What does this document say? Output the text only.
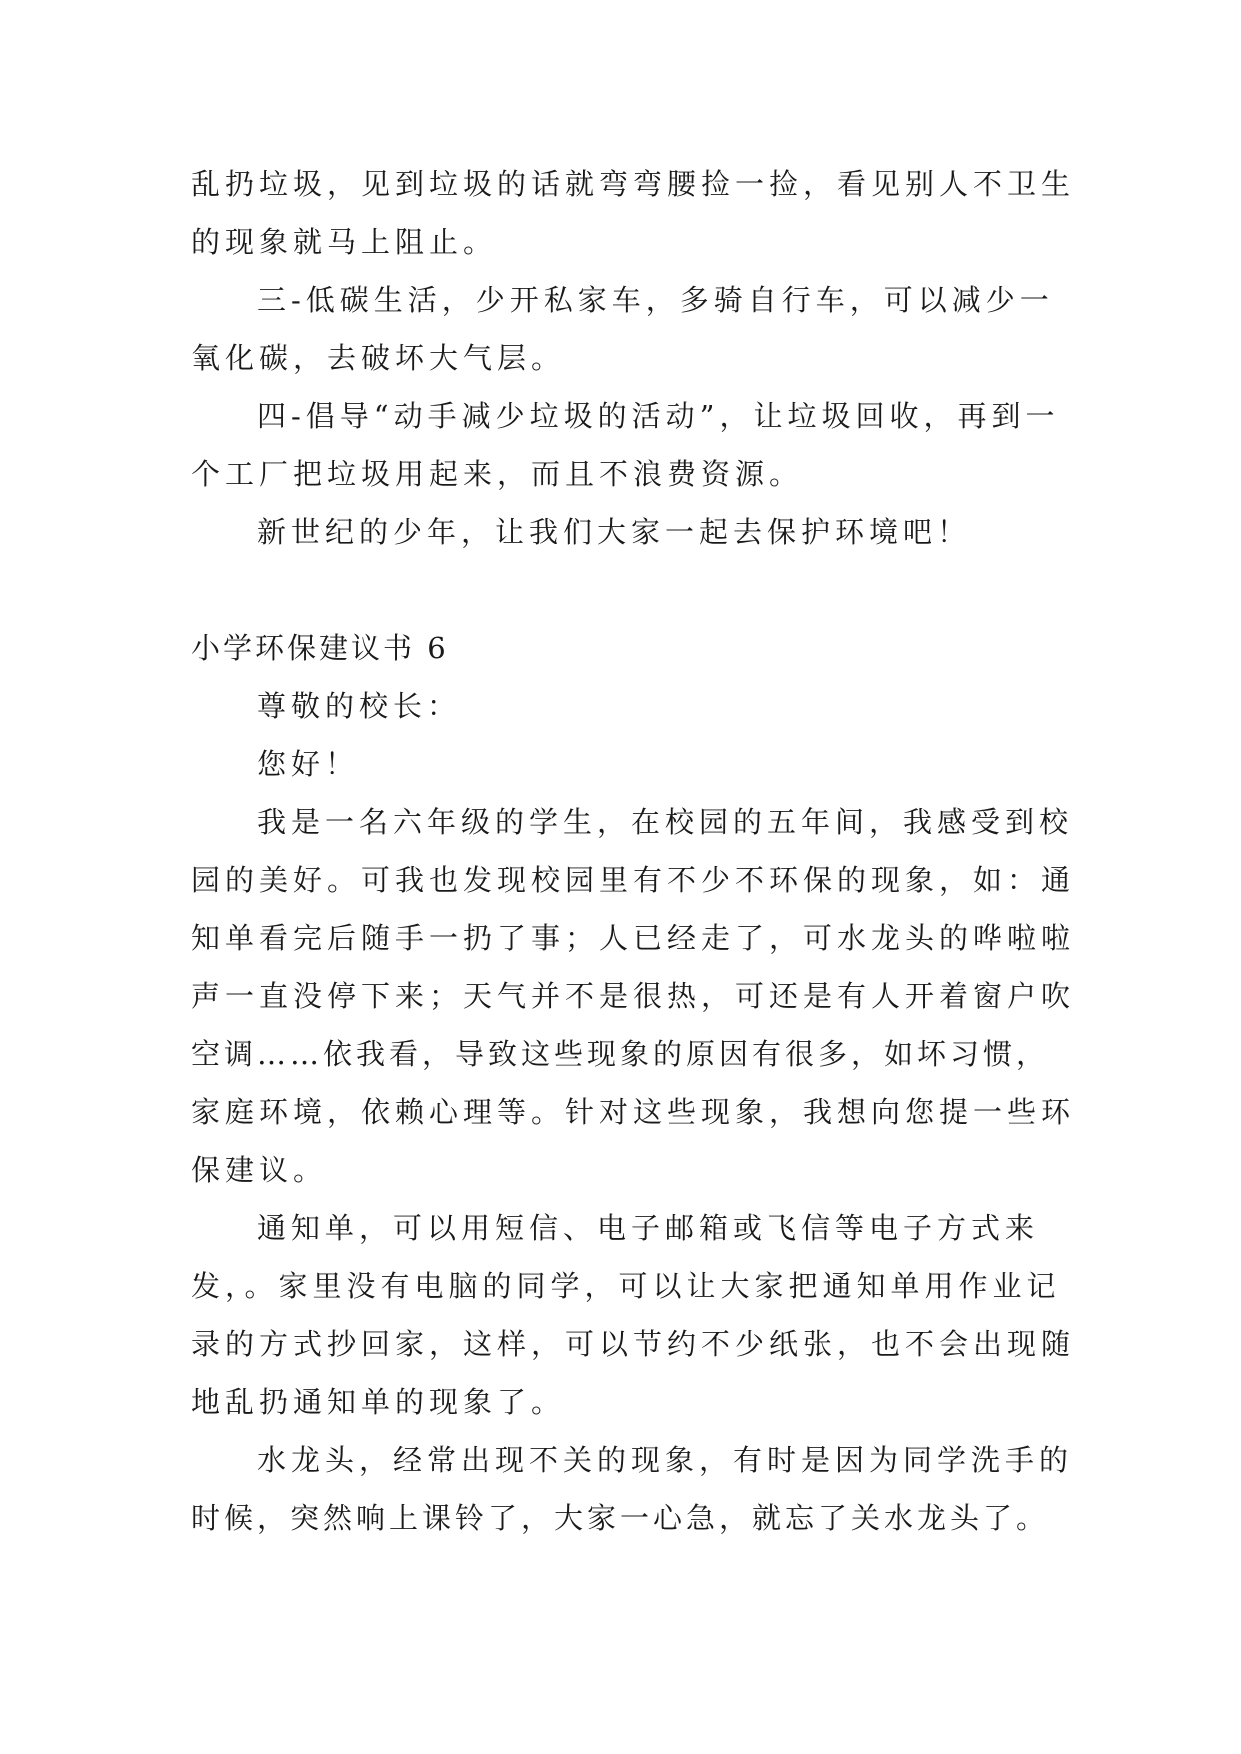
乱扔垃圾，见到垃圾的话就弯弯腰捡一捡，看见别人不卫生
的现象就马上阻止。
三-低碳生活，少开私家车，多骑自行车，可以减少一
氧化碳，去破坏大气层。
四-倡导“动手减少垃圾的活动”，让垃圾回收，再到一
个工厂把垃圾用起来，而且不浪费资源。
新世纪的少年，让我们大家一起去保护环境吧！
小学环保建议书 6
尊敬的校长：
您好！
我是一名六年级的学生，在校园的五年间，我感受到校
园的美好。可我也发现校园里有不少不环保的现象，如：通
知单看完后随手一扔了事；人已经走了，可水龙头的哗啦啦
声一直没停下来；天气并不是很热，可还是有人开着窗户吹
空调……依我看，导致这些现象的原因有很多，如坏习惯，
家庭环境，依赖心理等。针对这些现象，我想向您提一些环
保建议。
通知单，可以用短信、电子邮箱或飞信等电子方式来
发，。家里没有电脑的同学，可以让大家把通知单用作业记
录的方式抄回家，这样，可以节约不少纸张，也不会出现随
地乱扔通知单的现象了。
水龙头，经常出现不关的现象，有时是因为同学洗手的
时候，突然响上课铃了，大家一心急，就忘了关水龙头了。
